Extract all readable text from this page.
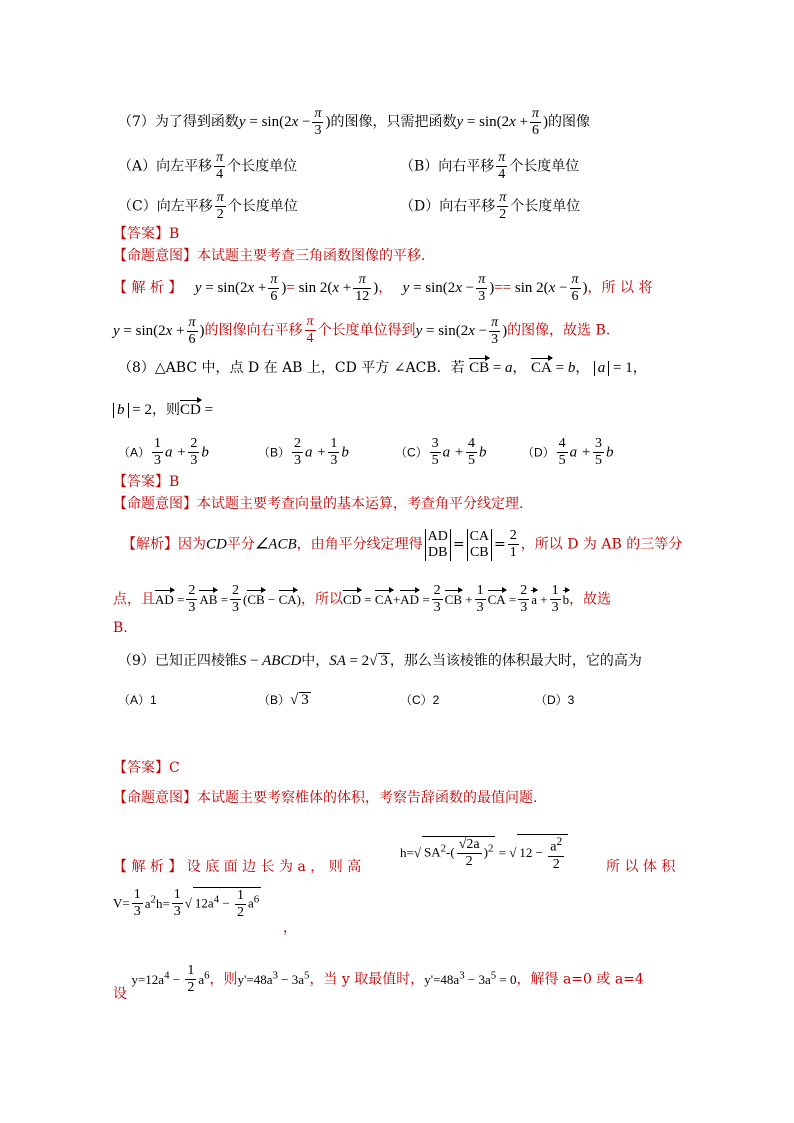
（7）为了得到函数$y = \sin(2x - \frac{\pi}{3}$ )的图像，只需把函数$y = \sin(2x + \frac{\pi}{6}$ )的图像
（A）向左平移 $\frac{\pi}{4}$ 个长度单位	（B）向右平移 $\frac{\pi}{4}$ 个长度单位
（C）向左平移 $\frac{\pi}{2}$ 个长度单位	（D）向右平移 $\frac{\pi}{2}$ 个长度单位
【答案】B
【命题意图】本试题主要考查三角函数图像的平移.
【 解 析 】 $y = \sin(2x + \frac{\pi}{6}$ )= $\sin 2(x + \frac{\pi}{12}$ )， $y = \sin(2x - \frac{\pi}{3}$ )== $\sin 2(x - \frac{\pi}{6}$ )，所 以 将
$y = \sin(2x + \frac{\pi}{6}$ )的图像向右平移 $\frac{\pi}{4}$ 个长度单位得到$y = \sin(2x - \frac{\pi}{3}$ )的图像，故选 B.
（8）△ABC 中，点 D 在 AB 上，CD 平方 ∠ACB．若 CB = a， CA = b， a = 1，
b = 2，则CD =
$(A) \frac{1}{3}$ $a + \frac{2}{3}$ b	$(B) \frac{2}{3}$ $a + \frac{1}{3}$ b	$(C) \frac{3}{5}$ $a + \frac{4}{5}$ b	$(D) \frac{4}{5}$ $a + \frac{3}{5}$ b
【答案】B
【命题意图】本试题主要考查向量的基本运算，考查角平分线定理.
【解析】因为CD平分∠ACB，由角平分线定理得
AD
DB =
CA
CB = $\frac{2}{1}$ ，所以 D 为 AB 的三等分
点，且AD = $\frac{2}{3}$ AB = $\frac{2}{3} (CB - CA)$，所以CD = $CA+AD = \frac{2}{3}$ CB + $\frac{1}{3}$ CA = $\frac{2}{3}$ $a + \frac{1}{3}$ b，故选
B.
（9）已知正四棱锥S − ABCD中，SA = 2√ 3 ，那么当该棱锥的体积最大时，它的高为
（A）1	（B）√ 3	（C）2	（D）3
【答案】C
【命题意图】本试题主要考察椎体的体积，考察告辞函数的最值问题.
h=√ $SA^2-( \frac{√2a}{2} )^2$ = √ $12 - \frac{a^2}{2}$
【 解 析 】 设 底 面 边 长 为 a ， 则 高	所 以 体 积
$V= \frac{1}{3} a^2h= \frac{1}{3}$ √ $12a^4 - \frac{1}{2} a^6$
，
设 $y=12a^4 - \frac{1}{2} a^6$，则$y'=48a^3 - 3a^5$，当 y 取最值时，$y'=48a^3 - 3a^5 = 0$，解得 a=0 或 a=4
